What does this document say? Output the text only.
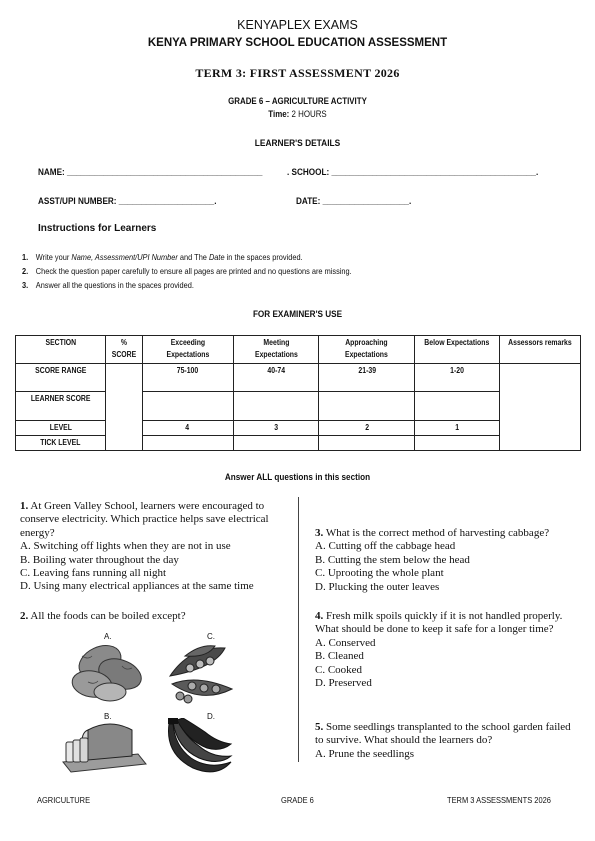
KENYAPLEX EXAMS
KENYA PRIMARY SCHOOL EDUCATION ASSESSMENT
TERM 3: FIRST ASSESSMENT 2026
GRADE 6 – AGRICULTURE ACTIVITY
Time: 2 HOURS
LEARNER'S DETAILS
NAME: ___________________________________________	. SCHOOL: _____________________________________________.
ASST/UPI NUMBER: _____________________.	DATE: ___________________.
Instructions for Learners
1. Write your Name, Assessment/UPI Number and The Date in the spaces provided.
2. Check the question paper carefully to ensure all pages are printed and no questions are missing.
3. Answer all the questions in the spaces provided.
FOR EXAMINER'S USE
SECTION	% SCORE	Exceeding Expectations	Meeting Expectations	Approaching Expectations	Below Expectations	Assessors remarks
SCORE RANGE		75-100	40-74	21-39	1-20	
LEARNER SCORE						
LEVEL		4	3	2	1	
TICK LEVEL						
Answer ALL questions in this section
1. At Green Valley School, learners were encouraged to conserve electricity. Which practice helps save electrical energy?
A. Switching off lights when they are not in use
B. Boiling water throughout the day
C. Leaving fans running all night
D. Using many electrical appliances at the same time
2. All the foods can be boiled except?
A.	C.
B.	D.
3. What is the correct method of harvesting cabbage?
A. Cutting off the cabbage head
B. Cutting the stem below the head
C. Uprooting the whole plant
D. Plucking the outer leaves
4. Fresh milk spoils quickly if it is not handled properly. What should be done to keep it safe for a longer time?
A. Conserved
B. Cleaned
C. Cooked
D. Preserved
5. Some seedlings transplanted to the school garden failed to survive. What should the learners do?
A. Prune the seedlings
AGRICULTURE	GRADE 6	TERM 3 ASSESSMENTS 2026
